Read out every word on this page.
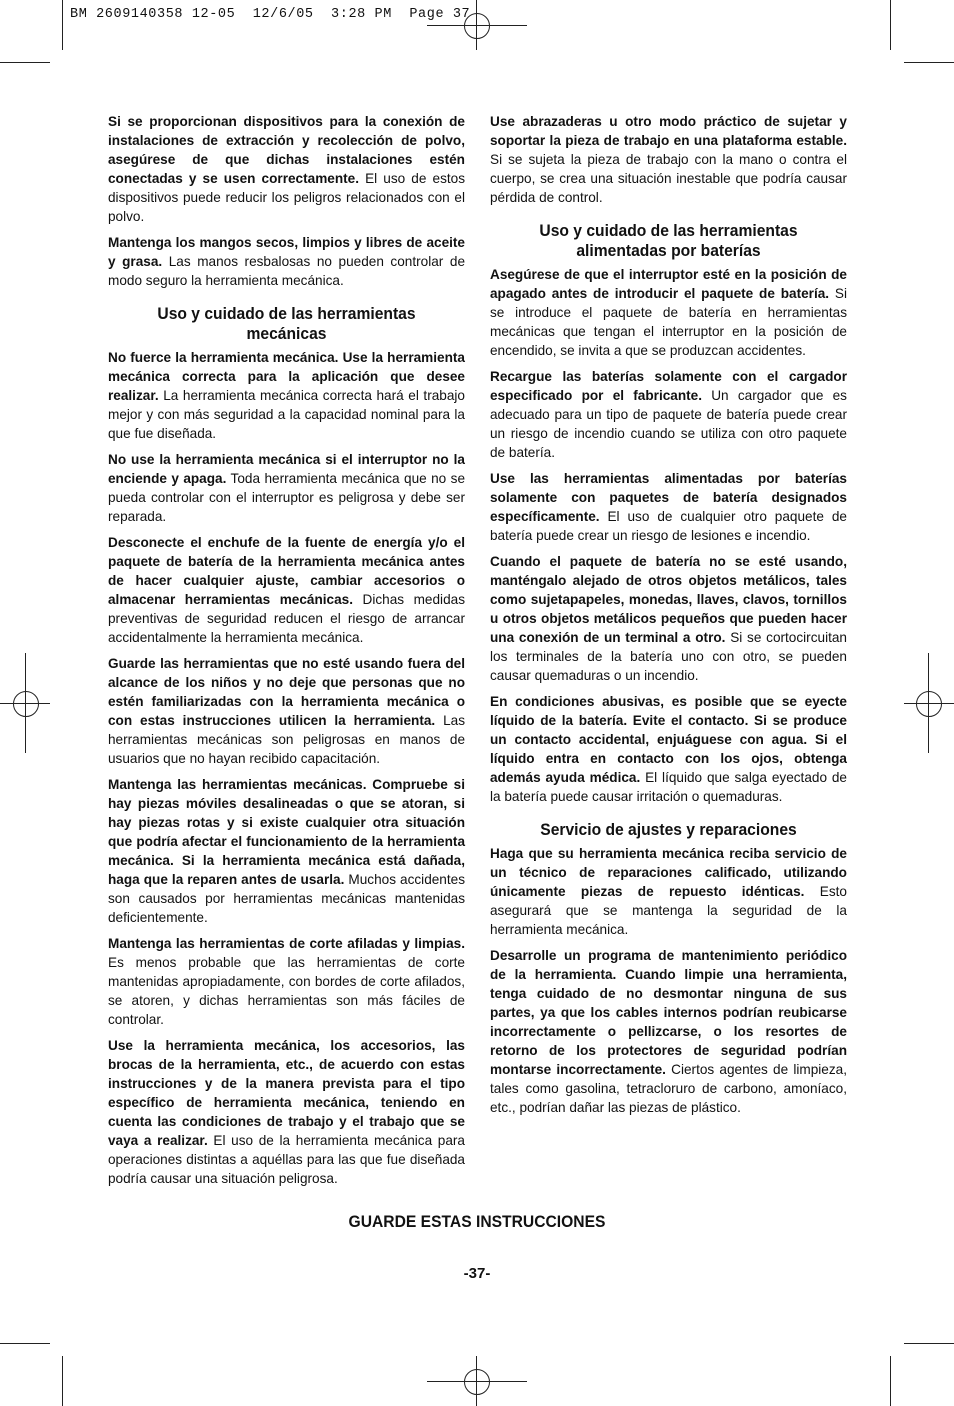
BM 2609140358 12-05  12/6/05  3:28 PM  Page 37

Si se proporcionan dispositivos para la conexión de instalaciones de extracción y recolección de polvo, asegúrese de que dichas instalaciones estén conectadas y se usen correctamente. El uso de estos dispositivos puede reducir los peligros relacionados con el polvo.

Mantenga los mangos secos, limpios y libres de aceite y grasa. Las manos resbalosas no pueden controlar de modo seguro la herramienta mecánica.

Uso y cuidado de las herramientas mecánicas

No fuerce la herramienta mecánica. Use la herramienta mecánica correcta para la aplicación que desee realizar. La herramienta mecánica correcta hará el trabajo mejor y con más seguridad a la capacidad nominal para la que fue diseñada.

No use la herramienta mecánica si el interruptor no la enciende y apaga. Toda herramienta mecánica que no se pueda controlar con el interruptor es peligrosa y debe ser reparada.

Desconecte el enchufe de la fuente de energía y/o el paquete de batería de la herramienta mecánica antes de hacer cualquier ajuste, cambiar accesorios o almacenar herramientas mecánicas. Dichas medidas preventivas de seguridad reducen el riesgo de arrancar accidentalmente la herramienta mecánica.

Guarde las herramientas que no esté usando fuera del alcance de los niños y no deje que personas que no estén familiarizadas con la herramienta mecánica o con estas instrucciones utilicen la herramienta. Las herramientas mecánicas son peligrosas en manos de usuarios que no hayan recibido capacitación.

Mantenga las herramientas mecánicas. Compruebe si hay piezas móviles desalineadas o que se atoran, si hay piezas rotas y si existe cualquier otra situación que podría afectar el funcionamiento de la herramienta mecánica. Si la herramienta mecánica está dañada, haga que la reparen antes de usarla. Muchos accidentes son causados por herramientas mecánicas mantenidas deficientemente.

Mantenga las herramientas de corte afiladas y limpias. Es menos probable que las herramientas de corte mantenidas apropiadamente, con bordes de corte afilados, se atoren, y dichas herramientas son más fáciles de controlar.

Use la herramienta mecánica, los accesorios, las brocas de la herramienta, etc., de acuerdo con estas instrucciones y de la manera prevista para el tipo específico de herramienta mecánica, teniendo en cuenta las condiciones de trabajo y el trabajo que se vaya a realizar. El uso de la herramienta mecánica para operaciones distintas a aquéllas para las que fue diseñada podría causar una situación peligrosa.

Use abrazaderas u otro modo práctico de sujetar y soportar la pieza de trabajo en una plataforma estable. Si se sujeta la pieza de trabajo con la mano o contra el cuerpo, se crea una situación inestable que podría causar pérdida de control.

Uso y cuidado de las herramientas alimentadas por baterías

Asegúrese de que el interruptor esté en la posición de apagado antes de introducir el paquete de batería. Si se introduce el paquete de batería en herramientas mecánicas que tengan el interruptor en la posición de encendido, se invita a que se produzcan accidentes.

Recargue las baterías solamente con el cargador especificado por el fabricante. Un cargador que es adecuado para un tipo de paquete de batería puede crear un riesgo de incendio cuando se utiliza con otro paquete de batería.

Use las herramientas alimentadas por baterías solamente con paquetes de batería designados específicamente. El uso de cualquier otro paquete de batería puede crear un riesgo de lesiones e incendio.

Cuando el paquete de batería no se esté usando, manténgalo alejado de otros objetos metálicos, tales como sujetapapeles, monedas, llaves, clavos, tornillos u otros objetos metálicos pequeños que pueden hacer una conexión de un terminal a otro. Si se cortocircuitan los terminales de la batería uno con otro, se pueden causar quemaduras o un incendio.

En condiciones abusivas, es posible que se eyecte líquido de la batería. Evite el contacto. Si se produce un contacto accidental, enjuáguese con agua. Si el líquido entra en contacto con los ojos, obtenga además ayuda médica. El líquido que salga eyectado de la batería puede causar irritación o quemaduras.

Servicio de ajustes y reparaciones

Haga que su herramienta mecánica reciba servicio de un técnico de reparaciones calificado, utilizando únicamente piezas de repuesto idénticas. Esto asegurará que se mantenga la seguridad de la herramienta mecánica.

Desarrolle un programa de mantenimiento periódico de la herramienta. Cuando limpie una herramienta, tenga cuidado de no desmontar ninguna de sus partes, ya que los cables internos podrían reubicarse incorrectamente o pellizcarse, o los resortes de retorno de los protectores de seguridad podrían montarse incorrectamente. Ciertos agentes de limpieza, tales como gasolina, tetracloruro de carbono, amoníaco, etc., podrían dañar las piezas de plástico.

GUARDE ESTAS INSTRUCCIONES
-37-
